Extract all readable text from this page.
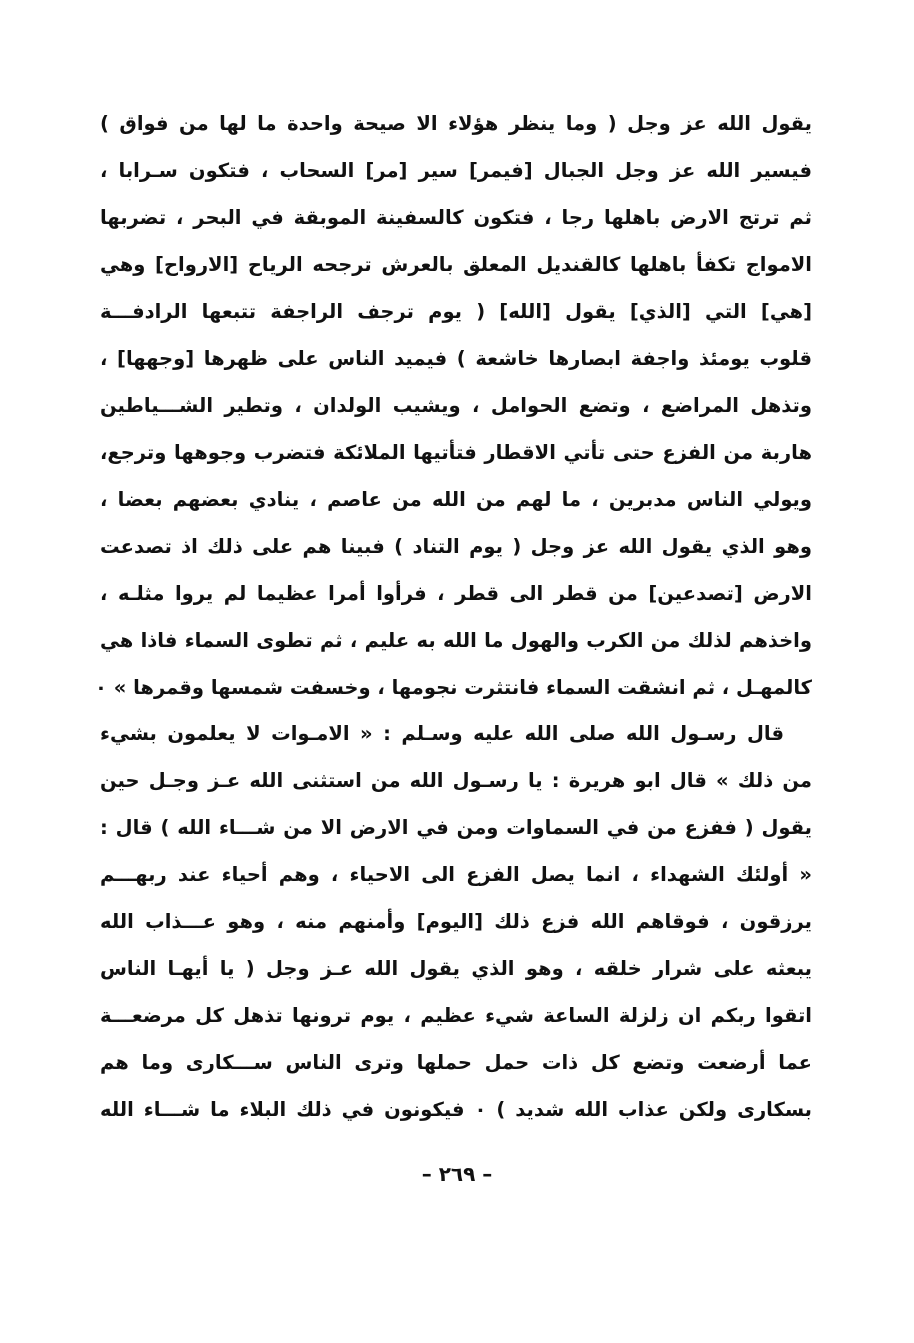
يقول الله عز وجل ( وما ينظر هؤلاء الا صيحة واحدة ما لها من فواق )
فيسير الله عز وجل الجبال [فيمر] سير [مر] السحاب ، فتكون سـرابا ،
ثم ترتج الارض باهلها رجا ، فتكون كالسفينة الموبقة في البحر ، تضربها
الامواج تكفأ باهلها كالقنديل المعلق بالعرش ترجحه الرياح [الارواح] وهي
[هي] التي [الذي] يقول [الله] ( يوم ترجف الراجفة تتبعها الرادفـــة
قلوب يومئذ واجفة ابصارها خاشعة ) فيميد الناس على ظهرها [وجهها] ،
وتذهل المراضع ، وتضع الحوامل ، ويشيب الولدان ، وتطير الشـــياطين
هاربة من الفزع حتى تأتي الاقطار فتأتيها الملائكة فتضرب وجوهها وترجع،
ويولي الناس مدبرين ، ما لهم من الله من عاصم ، ينادي بعضهم بعضا ،
وهو الذي يقول الله عز وجل ( يوم التناد ) فبينا هم على ذلك اذ تصدعت
الارض [تصدعين] من قطر الى قطر ، فرأوا أمرا عظيما لم يروا مثلـه ،
واخذهم لذلك من الكرب والهول ما الله به عليم ، ثم تطوى السماء فاذا هي
كالمهـل ، ثم انشقت السماء فانتثرت نجومها ، وخسفت شمسها وقمرها » ٠
قال رسـول الله صلى الله عليه وسـلم : « الامـوات لا يعلمون بشيء
من ذلك » قال ابو هريرة : يا رسـول الله من استثنى الله عـز وجـل حين
يقول ( ففزع من في السماوات ومن في الارض الا من شـــاء الله ) قال :
« أولئك الشهداء ، انما يصل الفزع الى الاحياء ، وهم أحياء عند ربهـــم
يرزقون ، فوقاهم الله فزع ذلك [اليوم] وأمنهم منه ، وهو عـــذاب الله
يبعثه على شرار خلقه ، وهو الذي يقول الله عـز وجل ( يا أيهـا الناس
اتقوا ربكم ان زلزلة الساعة شيء عظيم ، يوم ترونها تذهل كل مرضعـــة
عما أرضعت وتضع كل ذات حمل حملها وترى الناس ســـكارى وما هم
بسكارى ولكن عذاب الله شديد ) ٠ فيكونون في ذلك البلاء ما شـــاء الله
– ٢٦٩ –
